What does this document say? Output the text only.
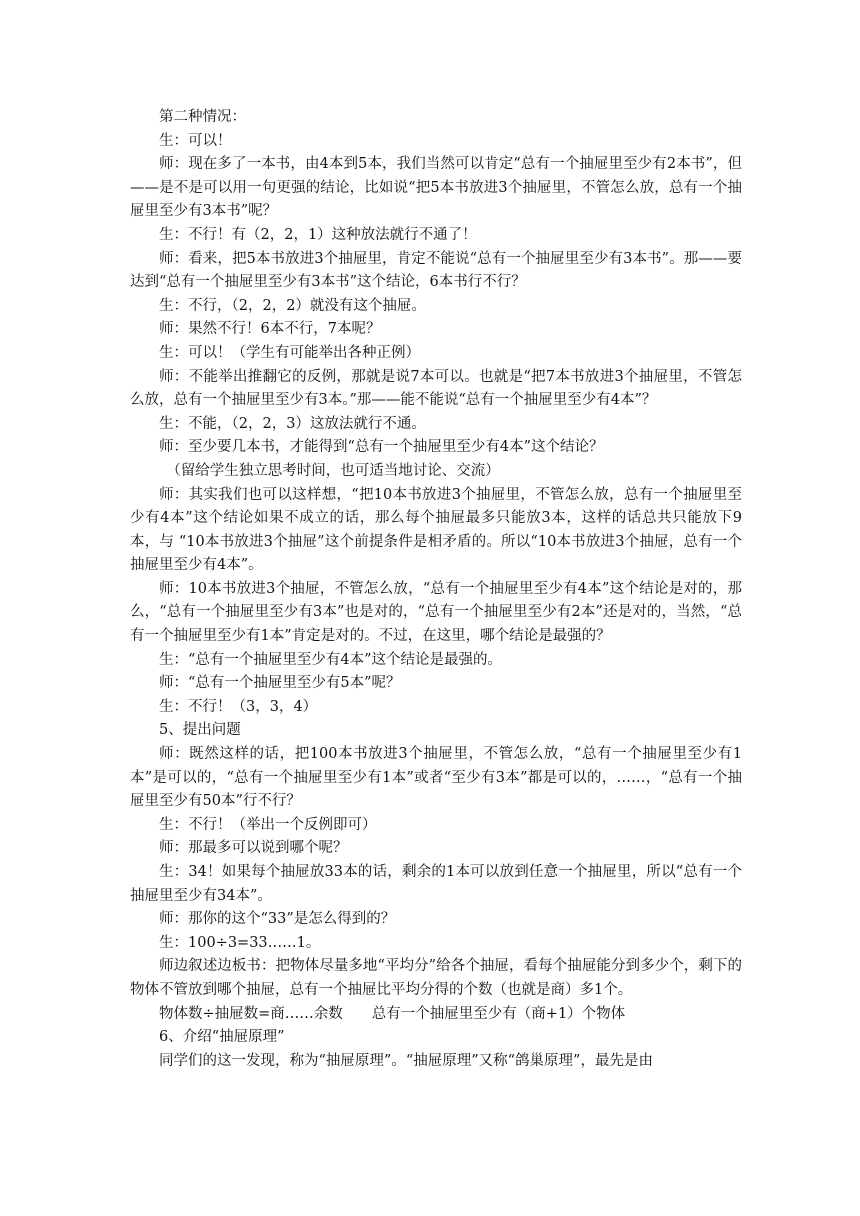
第二种情况：

生：可以！

师：现在多了一本书，由4本到5本，我们当然可以肯定“总有一个抽屉里至少有2本书”，但——是不是可以用一句更强的结论，比如说“把5本书放进3个抽屉里，不管怎么放，总有一个抽屉里至少有3本书”呢？

生：不行！有（2，2，1）这种放法就行不通了！

师：看来，把5本书放进3个抽屉里，肯定不能说“总有一个抽屉里至少有3本书”。那——要达到“总有一个抽屉里至少有3本书”这个结论，6本书行不行？

生：不行，（2，2，2）就没有这个抽屉。

师：果然不行！6本不行，7本呢？

生：可以！（学生有可能举出各种正例）

师：不能举出推翻它的反例，那就是说7本可以。也就是“把7本书放进3个抽屉里，不管怎么放，总有一个抽屉里至少有3本。”那——能不能说“总有一个抽屉里至少有4本”？

生：不能，（2，2，3）这放法就行不通。

师：至少要几本书，才能得到“总有一个抽屉里至少有4本”这个结论？

（留给学生独立思考时间，也可适当地讨论、交流）

师：其实我们也可以这样想，“把10本书放进3个抽屉里，不管怎么放，总有一个抽屉里至少有4本”这个结论如果不成立的话，那么每个抽屉最多只能放3本，这样的话总共只能放下9本，与 “10本书放进3个抽屉”这个前提条件是相矛盾的。所以“10本书放进3个抽屉，总有一个抽屉里至少有4本”。

师：10本书放进3个抽屉，不管怎么放，“总有一个抽屉里至少有4本”这个结论是对的，那么，“总有一个抽屉里至少有3本”也是对的，“总有一个抽屉里至少有2本”还是对的，当然，“总有一个抽屉里至少有1本”肯定是对的。不过，在这里，哪个结论是最强的？

生：“总有一个抽屉里至少有4本”这个结论是最强的。

师：“总有一个抽屉里至少有5本”呢？

生：不行！（3，3，4）

5、提出问题

师：既然这样的话，把100本书放进3个抽屉里，不管怎么放，“总有一个抽屉里至少有1本”是可以的，“总有一个抽屉里至少有1本”或者“至少有3本”都是可以的，……，“总有一个抽屉里至少有50本”行不行？

生：不行！（举出一个反例即可）

师：那最多可以说到哪个呢？

生：34！如果每个抽屉放33本的话，剩余的1本可以放到任意一个抽屉里，所以“总有一个抽屉里至少有34本”。

师：那你的这个“33”是怎么得到的？

生：100÷3=33……1。

师边叙述边板书：把物体尽量多地“平均分”给各个抽屉，看每个抽屉能分到多少个，剩下的物体不管放到哪个抽屉，总有一个抽屉比平均分得的个数（也就是商）多1个。

物体数÷抽屉数=商……余数　　总有一个抽屉里至少有（商+1）个物体

6、介绍“抽屉原理”

同学们的这一发现，称为“抽屉原理”。“抽屉原理”又称“鸽巢原理”，最先是由
